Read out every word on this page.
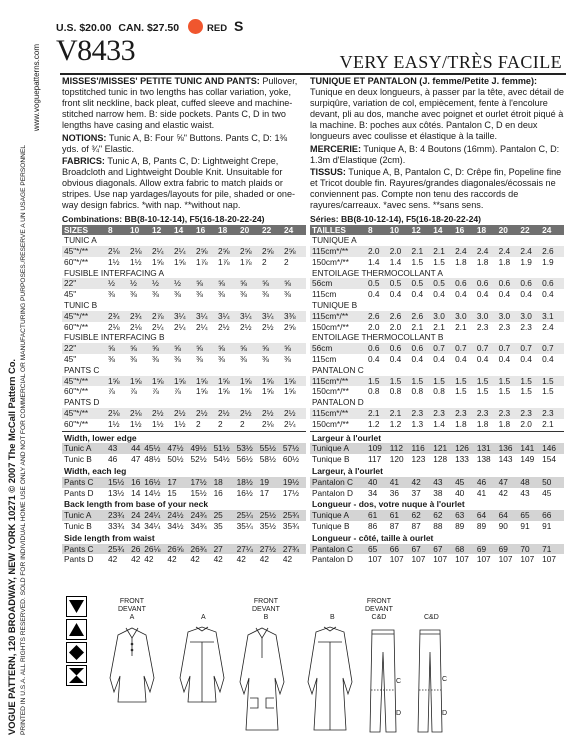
VOGUE PATTERN, 120 BROADWAY, NEW YORK 10271 © 2007 The McCall Pattern Co. PRINTED IN U.S.A. ALL RIGHTS RESERVED. SOLD FOR INDIVIDUAL HOME USE ONLY AND NOT FOR COMMERCIAL OR MANUFACTURING PURPOSES./RESERVE A UN USAGE PERSONNEL
www.voguepatterns.com
U.S. $20.00 CAN. $27.50	RED S
V8433	VERY EASY/TRÈS FACILE
MISSES'/MISSES' PETITE TUNIC AND PANTS: Pullover, topstitched tunic in two lengths has collar variation, yoke, front slit neckline, back pleat, cuffed sleeve and machine-stitched narrow hem. B: side pockets. Pants C, D in two lengths have casing and elastic waist.
NOTIONS: Tunic A, B: Four ⅝" Buttons. Pants C, D: 1⅜ yds. of ¾" Elastic.
FABRICS: Tunic A, B, Pants C, D: Lightweight Crepe, Broadcloth and Lightweight Double Knit. Unsuitable for obvious diagonals. Allow extra fabric to match plaids or stripes. Use nap yardages/layouts for pile, shaded or one-way design fabrics. *with nap. **without nap.
Combinations: BB(8-10-12-14), F5(16-18-20-22-24)
SIZES	8	10	12	14	16	18	20	22	24
TUNIC A									
45"*/**	2⅛	2⅛	2¼	2¼	2⅝	2⅝	2⅝	2⅝	2⅝
60"*/**	1½	1½	1⅝	1⅝	1⅞	1⅞	1⅞	2	2
FUSIBLE INTERFACING A									
22"	½	½	½	½	⅝	⅝	⅝	⅝	⅝
45"	⅜	⅜	⅜	⅜	⅜	⅜	⅜	⅜	⅜
TUNIC B									
45"*/**	2¾	2¾	2⅞	3¼	3¼	3¼	3¼	3¼	3⅜
60"*/**	2⅛	2⅛	2¼	2¼	2¼	2½	2½	2½	2⅝
FUSIBLE INTERFACING B									
22"	⅝	⅝	⅝	⅝	⅝	⅝	⅝	⅝	⅝
45"	⅜	⅜	⅜	⅜	⅜	⅜	⅜	⅜	⅜
PANTS C									
45"*/**	1⅝	1⅝	1⅝	1⅝	1⅝	1⅝	1⅝	1⅝	1⅝
60"*/**	⅞	⅞	⅞	⅞	1⅝	1⅝	1⅝	1⅝	1⅝
PANTS D									
45"*/**	2⅛	2⅛	2½	2½	2½	2½	2½	2½	2½
60"*/**	1½	1½	1½	1½	2	2	2	2⅛	2¼
Width, lower edge									
Tunic A	43	44	45½	47½	49½	51½	53½	55½	57½
Tunic B	46	47	48½	50½	52½	54½	56½	58½	60½
Width, each leg									
Pants C	15½	16	16½	17	17½	18	18½	19	19½
Pants D	13½	14	14½	15	15½	16	16½	17	17½
Back length from base of your neck									
Tunic A	23¾	24	24¼	24½	24¾	25	25¼	25½	25¾
Tunic B	33¾	34	34¼	34½	34¾	35	35¼	35½	35¾
Side length from waist									
Pants C	25¾	26	26⅛	26⅝	26¾	27	27¼	27½	27¾
Pants D	42	42	42	42	42	42	42	42	42
TUNIQUE ET PANTALON (J. femme/Petite J. femme): Tunique en deux longueurs, à passer par la tête, avec détail de surpiqûre, variation de col, empiècement, fente à l'encolure devant, pli au dos, manche avec poignet et ourlet étroit piqué à la machine. B: poches aux côtés. Pantalon C, D en deux longueurs avec coulisse et élastique à la taille.
MERCERIE: Tunique A, B: 4 Boutons (16mm). Pantalon C, D: 1.3m d'Elastique (2cm).
TISSUS: Tunique A, B, Pantalon C, D: Crêpe fin, Popeline fine et Tricot double fin. Rayures/grandes diagonales/écossais ne conviennent pas. Compte non tenu des raccords de rayures/carreaux. *avec sens. **sans sens.
Séries: BB(8-10-12-14), F5(16-18-20-22-24)
TAILLES	8	10	12	14	16	18	20	22	24
TUNIQUE A									
115cm*/**	2.0	2.0	2.1	2.1	2.4	2.4	2.4	2.4	2.6
150cm*/**	1.4	1.4	1.5	1.5	1.8	1.8	1.8	1.9	1.9
ENTOILAGE THERMOCOLLANT A									
56cm	0.5	0.5	0.5	0.5	0.6	0.6	0.6	0.6	0.6
115cm	0.4	0.4	0.4	0.4	0.4	0.4	0.4	0.4	0.4
TUNIQUE B									
115cm*/**	2.6	2.6	2.6	3.0	3.0	3.0	3.0	3.0	3.1
150cm*/**	2.0	2.0	2.1	2.1	2.1	2.3	2.3	2.3	2.4
ENTOILAGE THERMOCOLLANT B									
56cm	0.6	0.6	0.6	0.7	0.7	0.7	0.7	0.7	0.7
115cm	0.4	0.4	0.4	0.4	0.4	0.4	0.4	0.4	0.4
PANTALON C									
115cm*/**	1.5	1.5	1.5	1.5	1.5	1.5	1.5	1.5	1.5
150cm*/**	0.8	0.8	0.8	0.8	1.5	1.5	1.5	1.5	1.5
PANTALON D									
115cm*/**	2.1	2.1	2.3	2.3	2.3	2.3	2.3	2.3	2.3
150cm*/**	1.2	1.2	1.3	1.4	1.8	1.8	1.8	2.0	2.1
Largeur à l'ourlet									
Tunique A	109	112	116	121	126	131	136	141	146
Tunique B	117	120	123	128	133	138	143	149	154
Largeur, à l'ourlet									
Pantalon C	40	41	42	43	45	46	47	48	50
Pantalon D	34	36	37	38	40	41	42	43	45
Longueur - dos, votre nuque à l'ourlet									
Tunique A	61	61	62	62	63	64	64	65	66
Tunique B	86	87	87	88	89	89	90	91	91
Longueur - côté, taille à ourlet									
Pantalon C	65	66	67	67	68	69	69	70	71
Pantalon D	107	107	107	107	107	107	107	107	107
FRONT
DEVANT
A	A
FRONT
DEVANT
B	B
FRONT
DEVANT
C&D	C&D
C
D
C
D
